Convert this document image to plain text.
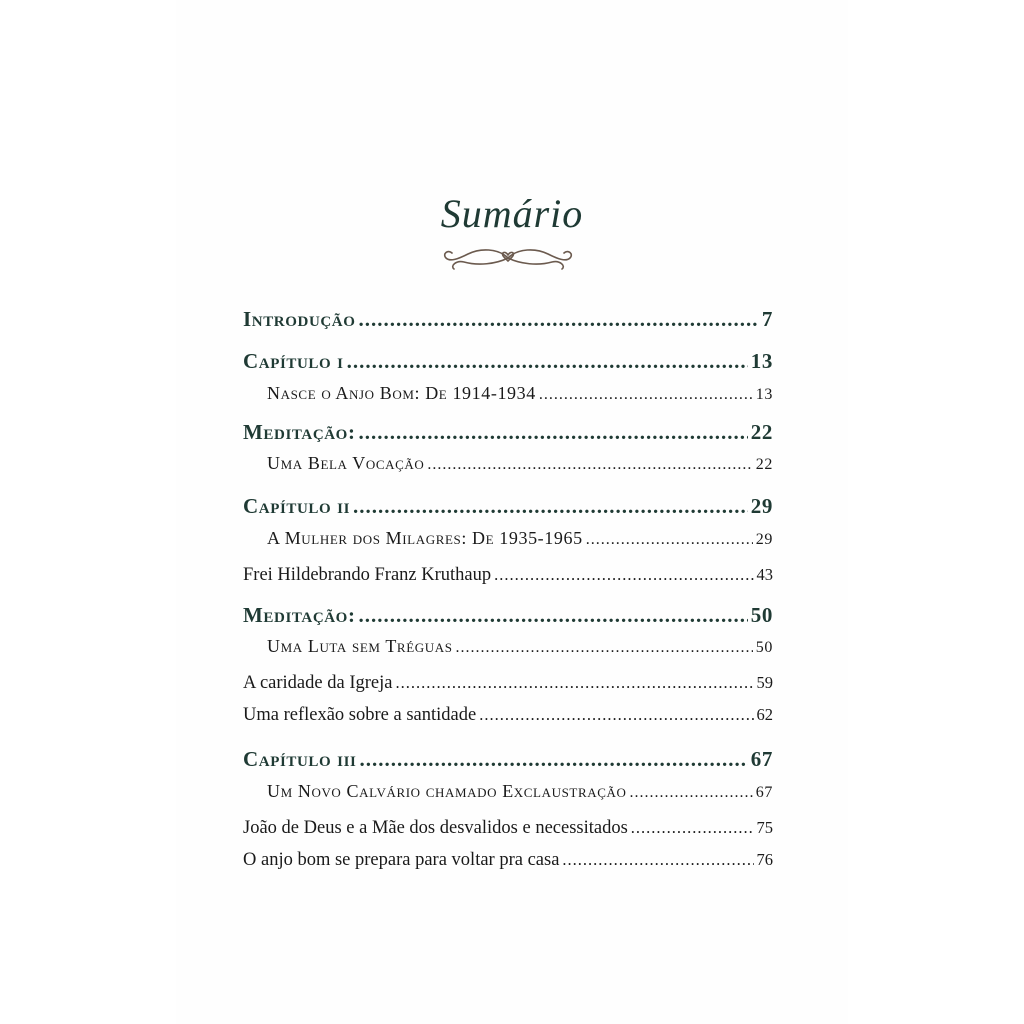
Sumário
Introdução .....	7
Capítulo i .....	13
Nasce o Anjo Bom: De 1914-1934 .....	13
Meditação: .....	22
Uma Bela Vocação .....	22
Capítulo ii .....	29
A Mulher dos Milagres: De 1935-1965 .....	29
Frei Hildebrando Franz Kruthaup .....	43
Meditação: .....	50
Uma Luta sem Tréguas .....	50
A caridade da Igreja .....	59
Uma reflexão sobre a santidade .....	62
Capítulo iii .....	67
Um Novo Calvário chamado Exclaustração .....	67
João de Deus e a Mãe dos desvalidos e necessitados .....	75
O anjo bom se prepara para voltar pra casa .....	76
